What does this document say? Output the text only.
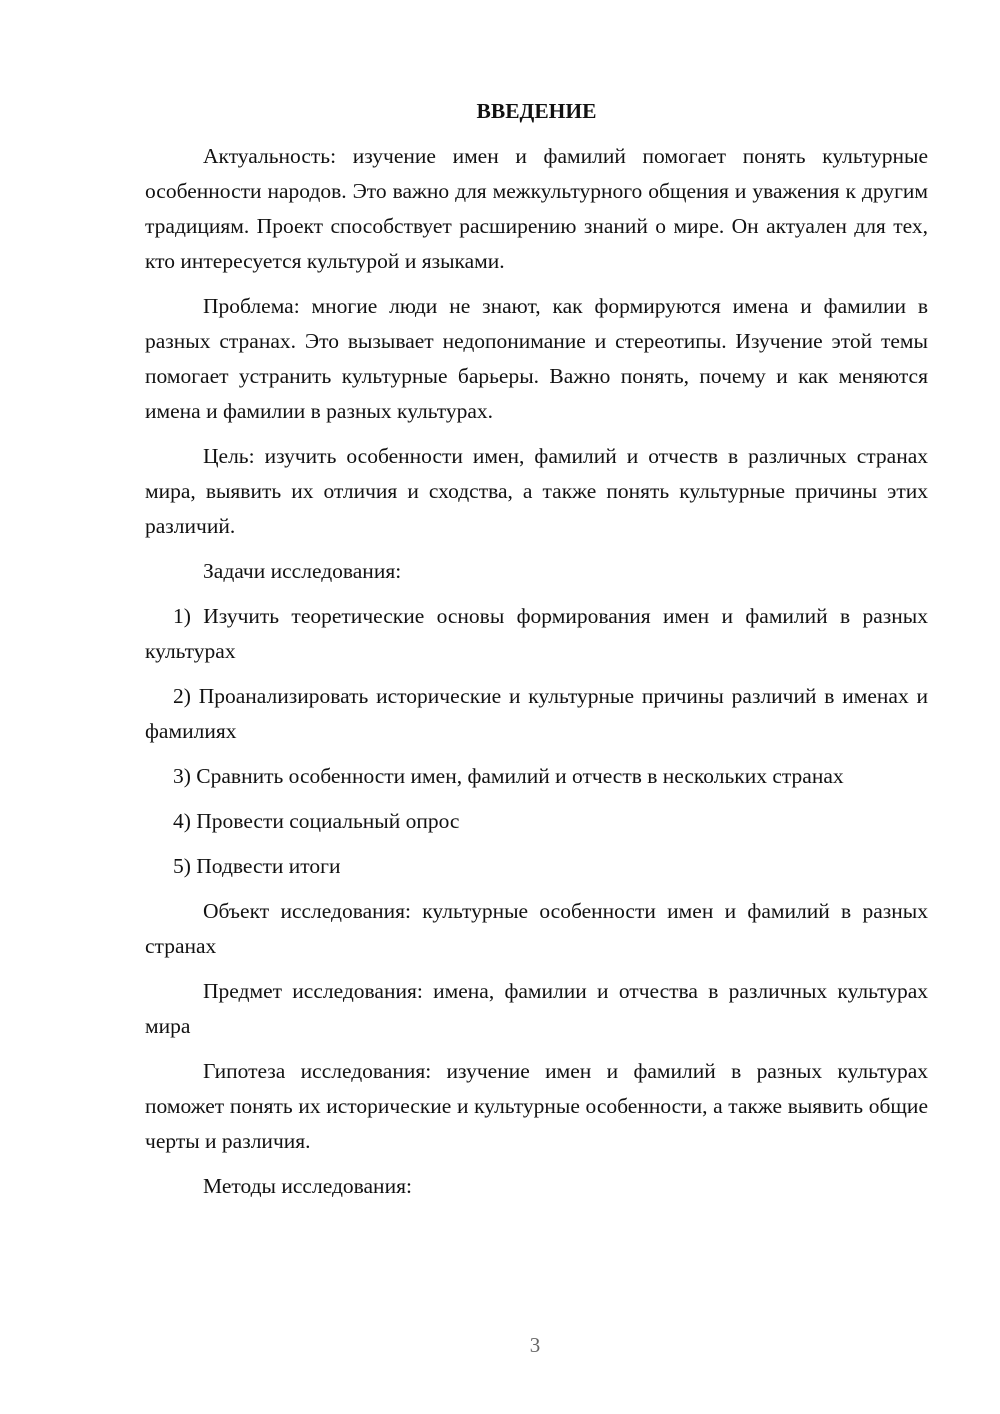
ВВЕДЕНИЕ

Актуальность: изучение имен и фамилий помогает понять культурные особенности народов. Это важно для межкультурного общения и уважения к другим традициям. Проект способствует расширению знаний о мире. Он актуален для тех, кто интересуется культурой и языками.

Проблема: многие люди не знают, как формируются имена и фамилии в разных странах. Это вызывает недопонимание и стереотипы. Изучение этой темы помогает устранить культурные барьеры. Важно понять, почему и как меняются имена и фамилии в разных культурах.

Цель: изучить особенности имен, фамилий и отчеств в различных странах мира, выявить их отличия и сходства, а также понять культурные причины этих различий.

Задачи исследования:

1) Изучить теоретические основы формирования имен и фамилий в разных культурах

2) Проанализировать исторические и культурные причины различий в именах и фамилиях

3) Сравнить особенности имен, фамилий и отчеств в нескольких странах

4) Провести социальный опрос

5) Подвести итоги

Объект исследования: культурные особенности имен и фамилий в разных странах

Предмет исследования: имена, фамилии и отчества в различных культурах мира

Гипотеза исследования: изучение имен и фамилий в разных культурах поможет понять их исторические и культурные особенности, а также выявить общие черты и различия.

Методы исследования:

3
